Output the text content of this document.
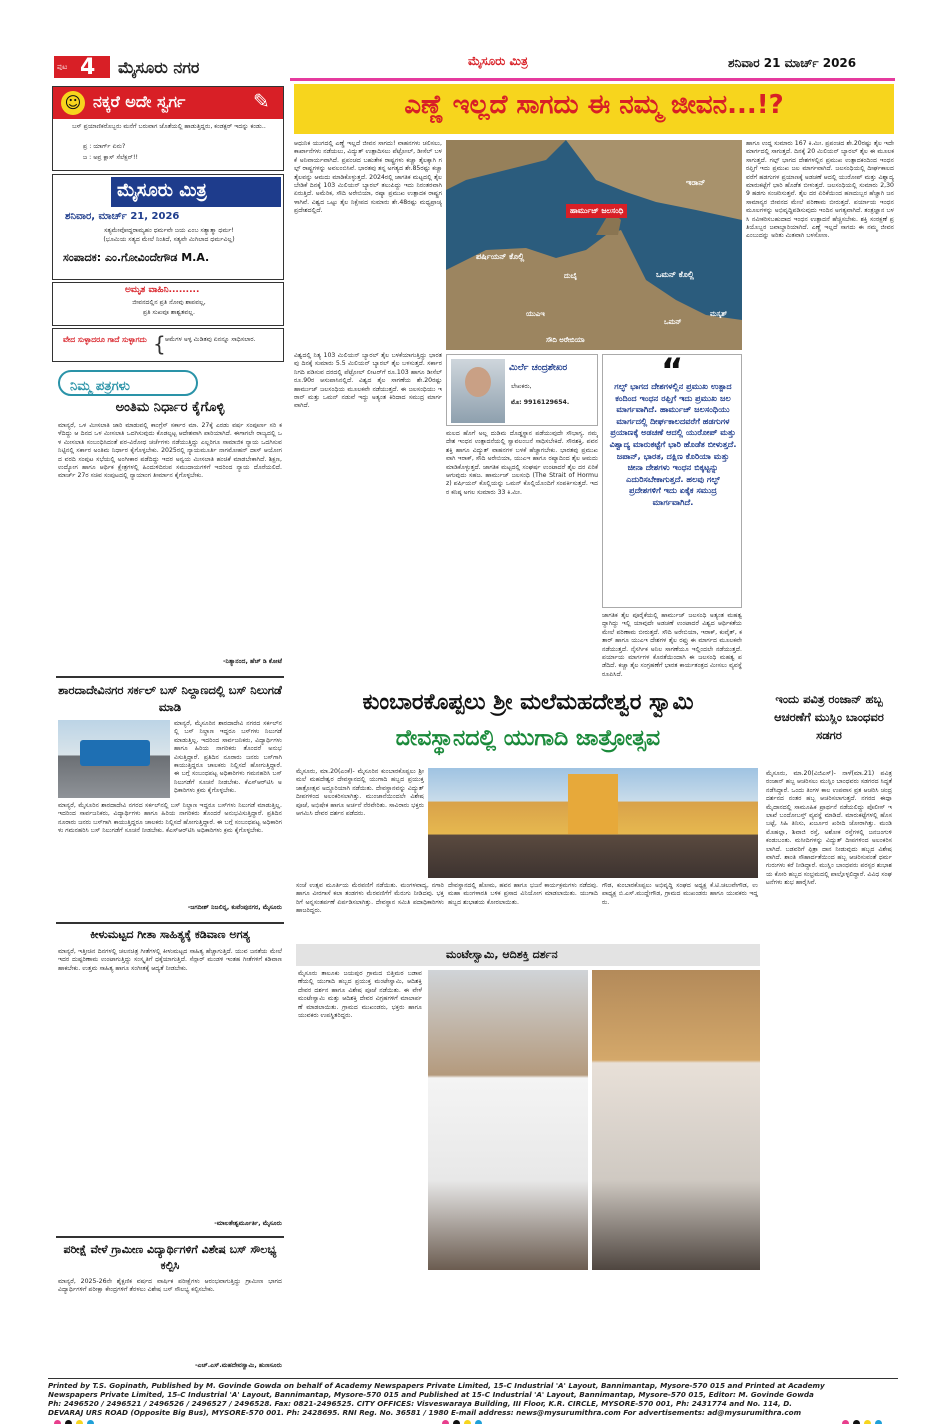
ಪುಟ 4 ಮೈಸೂರು ನಗರ	ಮೈಸೂರು ಮಿತ್ರ	ಶನಿವಾರ 21 ಮಾರ್ಚ್ 2026
☺ ನಕ್ಕರೆ ಅದೇ ಸ್ವರ್ಗ	✎
ಬಸ್ ಪ್ರಯಾಣಿಕರೊಬ್ಬರು ಮನೆಗೆ ಬರುವಾಗ ಜೊತೆಯಲ್ಲಿ ಹಾಡುತ್ತಿದ್ದರು, ಕಂಡಕ್ಟರ್ ಇದನ್ನು ಕಂಡು..
ಪ್ರ : ಯಾರ್ಗ್ ಏನು?
ಜ : ಅವ್ರ ಕ್ಲಾಸ್ ಸೆಲೆಕ್ಷನ್!!
ಮೈಸೂರು ಮಿತ್ರ
ಶನಿವಾರ, ಮಾರ್ಚ್ 21, 2026
ಸತ್ಯಮೇವೋದ್ಧರಾಮ್ಯಹಂ ಧರ್ಮವೇ ಜಯ ಎಂಬ ಸತ್ಯಾತ್ಮಾ ಧರ್ಮ!
(ಭೂಮಿಯ ಸತ್ಯದ ಮೇಲೆ ನಿಂತಿದೆ, ಸತ್ಯವೇ ಮಿಗಿಲಾದ ಧರ್ಮವಿಲ್ಲ)
ಸಂಪಾದಕ: ಎಂ.ಗೋವಿಂದೇಗೌಡ M.A.
ಅಮೃತ ವಾಹಿನಿ.........
ಜೀವನದಲ್ಲಿನ ಪ್ರತಿ ನೋವು ಶಾಪವಲ್ಲ,
ಪ್ರತಿ ಸುಖವೂ ಶಾಶ್ವತವಲ್ಲ.
ವೇದ ಸುಳ್ಳಾದರೂ ಗಾದೆ ಸುಳ್ಳಾಗದು { ಆಮೆಗಳ ಅಳ್ಳ ಮಿಡಿತವು ಏನನ್ನೂ ಸಾಧಿಸಲಾರ.
ನಿಮ್ಮ ಪತ್ರಗಳು
ಅಂತಿಮ ನಿರ್ಧಾರ ಕೈಗೊಳ್ಳಿ
ಮಾನ್ಯರೆ, ಒಳ ಮೀಸಲಾತಿ ಜಾರಿ ಮಾಡುವಲ್ಲಿ ಕಾಂಗ್ರೆಸ್ ಸರ್ಕಾರ ಮಾ. 27ಕ್ಕೆ ಎರಡು ವರ್ಷ ಸಂಪೂರ್ಣ ಸರಿ ಕಳೆದಿದ್ದು ಆ ದಿನದ ಒಳ ಮೀಸಲಾತಿ ಒದಗಿಸುವುದು ಕೊಡಲ್ಪಟ್ಟ ಆದೇಶವಾಗಿ ಪಾರಿಯಾಗಿದೆ. ಈಗಾಗಲೇ ರಾಜ್ಯದಲ್ಲಿ ಒಳ ಮೀಸಲಾತಿ ಸಂಬಂಧಿಸಿದಂತೆ ಪರ-ವಿರೋಧ ಚರ್ಚೆಗಳು ನಡೆಯುತ್ತಿದ್ದು ಎಲ್ಲರಿಗೂ ಸಾಮಾಜಿಕ ನ್ಯಾಯ ಒದಗಿಸುವ ನಿಟ್ಟಿನಲ್ಲಿ ಸರ್ಕಾರ ಅಂತಿಮ ನಿರ್ಧಾರ ಕೈಗೊಳ್ಳಬೇಕು. 2025ರಲ್ಲಿ ನ್ಯಾಯಮೂರ್ತಿ ನಾಗಮೋಹನ್ ದಾಸ್ ಆಯೋಗದ ವರದಿ ಸಂಪುಟ ಸಭೆಯಲ್ಲಿ ಅಂಗೀಕಾರ ಪಡೆದಿದ್ದು ಇದರ ಅನ್ವಯ ಮೀಸಲಾತಿ ಹಂಚಿಕೆ ಮಾಡಬೇಕಾಗಿದೆ. ಶಿಕ್ಷಣ, ಉದ್ಯೋಗ ಹಾಗೂ ಆರ್ಥಿಕ ಕ್ಷೇತ್ರಗಳಲ್ಲಿ ಹಿಂದುಳಿದಿರುವ ಸಮುದಾಯಗಳಿಗೆ ಇದರಿಂದ ನ್ಯಾಯ ದೊರೆಯಲಿದೆ. ಮಾರ್ಚ್ 27ರ ಸಚಿವ ಸಂಪುಟದಲ್ಲಿ ನ್ಯಾಯಾಂಗ ತೀರ್ಮಾನ ಕೈಗೊಳ್ಳಬೇಕು.
-ನಿತ್ಯಾನಂದ, ಹೆಚ್ ಡಿ ಕೋಟೆ
ಶಾರದಾದೇವಿನಗರ ಸರ್ಕಲ್ ಬಸ್ ನಿಲ್ದಾಣದಲ್ಲಿ ಬಸ್ ನಿಲುಗಡೆ ಮಾಡಿ
ಮಾನ್ಯರೆ, ಮೈಸೂರಿನ ಶಾರದಾದೇವಿ ನಗರದ ಸರ್ಕಲ್‌ನಲ್ಲಿ ಬಸ್ ನಿಲ್ದಾಣ ಇದ್ದರೂ ಬಸ್‌ಗಳು ನಿಲುಗಡೆ ಮಾಡುತ್ತಿಲ್ಲ. ಇದರಿಂದ ಸಾರ್ವಜನಿಕರು, ವಿದ್ಯಾರ್ಥಿಗಳು ಹಾಗೂ ಹಿರಿಯ ನಾಗರಿಕರು ತೊಂದರೆ ಅನುಭವಿಸುತ್ತಿದ್ದಾರೆ. ಪ್ರತಿದಿನ ನೂರಾರು ಜನರು ಬಸ್‌ಗಾಗಿ ಕಾಯುತ್ತಿದ್ದರೂ ಚಾಲಕರು ನಿಲ್ಲಿಸದೆ ಹೋಗುತ್ತಿದ್ದಾರೆ. ಈ ಬಗ್ಗೆ ಸಂಬಂಧಪಟ್ಟ ಅಧಿಕಾರಿಗಳು ಗಮನಹರಿಸಿ ಬಸ್ ನಿಲುಗಡೆಗೆ ಸೂಚನೆ ನೀಡಬೇಕು. ಕೆಎಸ್‌ಆರ್‌ಟಿಸಿ ಅಧಿಕಾರಿಗಳು ಕ್ರಮ ಕೈಗೊಳ್ಳಬೇಕು.
ಮಾನ್ಯರೆ, ಮೈಸೂರಿನ ಶಾರದಾದೇವಿ ನಗರದ ಸರ್ಕಲ್‌ನಲ್ಲಿ ಬಸ್ ನಿಲ್ದಾಣ ಇದ್ದರೂ ಬಸ್‌ಗಳು ನಿಲುಗಡೆ ಮಾಡುತ್ತಿಲ್ಲ. ಇದರಿಂದ ಸಾರ್ವಜನಿಕರು, ವಿದ್ಯಾರ್ಥಿಗಳು ಹಾಗೂ ಹಿರಿಯ ನಾಗರಿಕರು ತೊಂದರೆ ಅನುಭವಿಸುತ್ತಿದ್ದಾರೆ. ಪ್ರತಿದಿನ ನೂರಾರು ಜನರು ಬಸ್‌ಗಾಗಿ ಕಾಯುತ್ತಿದ್ದರೂ ಚಾಲಕರು ನಿಲ್ಲಿಸದೆ ಹೋಗುತ್ತಿದ್ದಾರೆ. ಈ ಬಗ್ಗೆ ಸಂಬಂಧಪಟ್ಟ ಅಧಿಕಾರಿಗಳು ಗಮನಹರಿಸಿ ಬಸ್ ನಿಲುಗಡೆಗೆ ಸೂಚನೆ ನೀಡಬೇಕು. ಕೆಎಸ್‌ಆರ್‌ಟಿಸಿ ಅಧಿಕಾರಿಗಳು ಕ್ರಮ ಕೈಗೊಳ್ಳಬೇಕು.
-ಜಗದೀಶ್ ನಿಜಲಿನ್ನ, ಕುವೆಂಪುನಗರ, ಮೈಸೂರು
ಕೀಳುಮಟ್ಟದ ಗೀತಾ ಸಾಹಿತ್ಯಕ್ಕೆ ಕಡಿವಾಣ ಅಗತ್ಯ
ಮಾನ್ಯರೆ, ಇತ್ತೀಚಿನ ದಿನಗಳಲ್ಲಿ ಚಲನಚಿತ್ರ ಗೀತೆಗಳಲ್ಲಿ ಕೀಳುಮಟ್ಟದ ಸಾಹಿತ್ಯ ಹೆಚ್ಚಾಗುತ್ತಿದೆ. ಯುವ ಜನತೆಯ ಮೇಲೆ ಇದರ ದುಷ್ಪರಿಣಾಮ ಉಂಟಾಗುತ್ತಿದ್ದು ಸಂಸ್ಕೃತಿಗೆ ಧಕ್ಕೆಯಾಗುತ್ತಿದೆ. ಸೆನ್ಸಾರ್ ಮಂಡಳಿ ಇಂತಹ ಗೀತೆಗಳಿಗೆ ಕಡಿವಾಣ ಹಾಕಬೇಕು. ಉತ್ತಮ ಸಾಹಿತ್ಯ ಹಾಗೂ ಸಂಗೀತಕ್ಕೆ ಆದ್ಯತೆ ನೀಡಬೇಕು.
-ಮಾಲತೇಶ್ವರ್ಮೂರ್ತಿ, ಮೈಸೂರು
ಪರೀಕ್ಷೆ ವೇಳೆ ಗ್ರಾಮೀಣ ವಿದ್ಯಾರ್ಥಿಗಳಿಗೆ ವಿಶೇಷ ಬಸ್ ಸೌಲಭ್ಯ ಕಲ್ಪಿಸಿ
ಮಾನ್ಯರೆ, 2025-26ನೇ ಶೈಕ್ಷಣಿಕ ವರ್ಷದ ವಾರ್ಷಿಕ ಪರೀಕ್ಷೆಗಳು ಆರಂಭವಾಗುತ್ತಿದ್ದು ಗ್ರಾಮೀಣ ಭಾಗದ ವಿದ್ಯಾರ್ಥಿಗಳಿಗೆ ಪರೀಕ್ಷಾ ಕೇಂದ್ರಗಳಿಗೆ ತೆರಳಲು ವಿಶೇಷ ಬಸ್ ಸೌಲಭ್ಯ ಕಲ್ಪಿಸಬೇಕು.
-ಎಚ್.ಎಸ್.ಮಹದೇವಸ್ವಾಮಿ, ಹುಣಸೂರು
ಎಣ್ಣೆ ಇಲ್ಲದೆ ಸಾಗದು ಈ ನಮ್ಮ ಜೀವನ...!?
ಆಧುನಿಕ ಯುಗದಲ್ಲಿ ಎಣ್ಣೆ ಇಲ್ಲದೆ ಜೀವನ ಸಾಗದು! ವಾಹನಗಳು ಚಲಿಸಲು, ಕಾರ್ಖಾನೆಗಳು ನಡೆಯಲು, ವಿದ್ಯುತ್ ಉತ್ಪಾದಿಸಲು ಪೆಟ್ರೋಲ್, ಡೀಸೆಲ್ ಬಳಕೆ ಅನಿವಾರ್ಯವಾಗಿದೆ. ಪ್ರಪಂಚದ ಬಹುತೇಕ ರಾಷ್ಟ್ರಗಳು ಕಚ್ಚಾ ತೈಲಕ್ಕಾಗಿ ಗಲ್ಫ್ ರಾಷ್ಟ್ರಗಳನ್ನು ಅವಲಂಬಿಸಿವೆ. ಭಾರತವು ತನ್ನ ಅಗತ್ಯದ ಶೇ.85ರಷ್ಟು ಕಚ್ಚಾ ತೈಲವನ್ನು ಆಮದು ಮಾಡಿಕೊಳ್ಳುತ್ತದೆ. 2024ರಲ್ಲಿ ಜಾಗತಿಕ ಮಟ್ಟದಲ್ಲಿ ತೈಲ ಬೇಡಿಕೆ ದಿನಕ್ಕೆ 103 ಮಿಲಿಯನ್ ಬ್ಯಾರಲ್ ತಲುಪಿದ್ದು ಇದು ನಿರಂತರವಾಗಿ ಏರುತ್ತಿದೆ. ಅಮೆರಿಕ, ಸೌದಿ ಅರೇಬಿಯಾ, ರಷ್ಯಾ ಪ್ರಮುಖ ಉತ್ಪಾದಕ ರಾಷ್ಟ್ರಗಳಾಗಿವೆ. ವಿಶ್ವದ ಒಟ್ಟು ತೈಲ ನಿಕ್ಷೇಪದ ಸುಮಾರು ಶೇ.48ರಷ್ಟು ಮಧ್ಯಪ್ರಾಚ್ಯ ಪ್ರದೇಶದಲ್ಲಿದೆ.
ವಿಶ್ವದಲ್ಲಿ ನಿತ್ಯ 103 ಮಿಲಿಯನ್ ಬ್ಯಾರಲ್ ತೈಲ ಬಳಕೆಯಾಗುತ್ತಿದ್ದು ಭಾರತವು ದಿನಕ್ಕೆ ಸುಮಾರು 5.5 ಮಿಲಿಯನ್ ಬ್ಯಾರಲ್ ತೈಲ ಬಳಸುತ್ತದೆ. ಸರ್ಕಾರ ನಿಗದಿ ಪಡಿಸುವ ದರದಲ್ಲಿ ಪೆಟ್ರೋಲ್ ಲೀಟರ್‌ಗೆ ರೂ.103 ಹಾಗೂ ಡೀಸೆಲ್ ರೂ.90ರ ಆಸುಪಾಸಿನಲ್ಲಿದೆ. ವಿಶ್ವದ ತೈಲ ಸಾಗಣೆಯ ಶೇ.20ರಷ್ಟು ಹಾರ್ಮುಜ್ ಜಲಸಂಧಿಯ ಮೂಲಕವೇ ನಡೆಯುತ್ತದೆ. ಈ ಜಲಸಂಧಿಯು ಇರಾನ್ ಮತ್ತು ಒಮನ್ ನಡುವೆ ಇದ್ದು ಅತ್ಯಂತ ಕಿರಿದಾದ ಸಮುದ್ರ ಮಾರ್ಗವಾಗಿದೆ.
ಹಾರ್ಮುಜ್ ಜಲಸಂಧಿ
ಇರಾನ್
ಪರ್ಷಿಯನ್ ಕೊಲ್ಲಿ
ಒಮನ್ ಕೊಲ್ಲಿ
ದುಬೈ
ಯುಎಇ
ಒಮನ್
ಮಸ್ಕತ್
ಸೌದಿ ಅರೇಬಿಯಾ
ಮಿರ್ಲೆ ಚಂದ್ರಶೇಖರ
ಲೇಖಕರು,
ಮೊ: 9916129654.
ಮಲದ ಹೊಗೆ ಅಲ್ಲ ದುಡಿಮ ದೊಡ್ಡಸ್ಥಾನ ಪಡೆಯುವುದೇ ಸೌಭಾಗ್ಯ. ನಮ್ಮ ದೇಶ ಇಂಧನ ಉತ್ಪಾದನೆಯಲ್ಲಿ ಸ್ವಾವಲಂಬನೆ ಸಾಧಿಸಬೇಕಿದೆ. ಸೌರಶಕ್ತಿ, ಪವನ ಶಕ್ತಿ ಹಾಗೂ ವಿದ್ಯುತ್ ವಾಹನಗಳ ಬಳಕೆ ಹೆಚ್ಚಾಗಬೇಕು. ಭಾರತವು ಪ್ರಮುಖವಾಗಿ ಇರಾಕ್, ಸೌದಿ ಅರೇಬಿಯಾ, ಯುಎಇ ಹಾಗೂ ರಷ್ಯಾದಿಂದ ತೈಲ ಆಮದು ಮಾಡಿಕೊಳ್ಳುತ್ತದೆ. ಜಾಗತಿಕ ಮಟ್ಟದಲ್ಲಿ ಸಂಘರ್ಷ ಉಂಟಾದರೆ ತೈಲ ದರ ಏರಿಕೆ ಆಗುವುದು ಸಹಜ. ಹಾರ್ಮುಜ್ ಜಲಸಂಧಿ (The Strait of Hormuz) ಪರ್ಷಿಯನ್ ಕೊಲ್ಲಿಯನ್ನು ಒಮನ್ ಕೊಲ್ಲಿಯೊಂದಿಗೆ ಸಂಪರ್ಕಿಸುತ್ತದೆ. ಇದರ ಕನಿಷ್ಠ ಅಗಲ ಸುಮಾರು 33 ಕಿ.ಮೀ.
“
ಗಲ್ಫ್ ಭಾಗದ ದೇಶಗಳಲ್ಲಿನ ಪ್ರಮುಖ ಉತ್ಪಾದ ಕಂದಿಂದ ಇಂಧನ ರಫ್ತಿಗೆ ಇದು ಪ್ರಮುಖ ಜಲ ಮಾರ್ಗವಾಗಿದೆ. ಹಾರ್ಮುಜ್ ಜಲಸಂಧಿಯು ಮಾರ್ಗದಲ್ಲಿ ದೀರ್ಘಕಾಲದವರೆಗೆ ಹಡಗುಗಳ ಪ್ರಯಾಣಕ್ಕೆ ಅಡಚಣೆ ಆದಲ್ಲಿ ಯುರೋಪ್ ಮತ್ತು ವಿಶ್ವಾದ್ಯ ಮಾರುಕಟ್ಟೆಗೆ ಭಾರಿ ಹೊಡೆತ ಬೀಳುತ್ತದೆ. ಜಪಾನ್, ಭಾರತ, ದಕ್ಷಿಣ ಕೊರಿಯಾ ಮತ್ತು ಚೀನಾ ದೇಶಗಳು ಇಂಧನ ಬಿಕ್ಕಟ್ಟನ್ನು ಎದುರಿಸಬೇಕಾಗುತ್ತದೆ. ಹಲವು ಗಲ್ಫ್ ಪ್ರದೇಶಗಳಿಗೆ ಇದು ಏಕೈಕ ಸಮುದ್ರ ಮಾರ್ಗವಾಗಿದೆ.
ಜಾಗತಿಕ ತೈಲ ಪೂರೈಕೆಯಲ್ಲಿ ಹಾರ್ಮುಜ್ ಜಲಸಂಧಿ ಅತ್ಯಂತ ಮಹತ್ವದ್ದಾಗಿದ್ದು ಇಲ್ಲಿ ಯಾವುದೇ ಅಡಚಣೆ ಉಂಟಾದರೆ ವಿಶ್ವದ ಆರ್ಥಿಕತೆಯ ಮೇಲೆ ಪರಿಣಾಮ ಬೀರುತ್ತದೆ. ಸೌದಿ ಅರೇಬಿಯಾ, ಇರಾಕ್, ಕುವೈತ್, ಕತಾರ್ ಹಾಗೂ ಯುಎಇ ದೇಶಗಳ ತೈಲ ರಫ್ತು ಈ ಮಾರ್ಗದ ಮೂಲಕವೇ ನಡೆಯುತ್ತದೆ. ನೈಸರ್ಗಿಕ ಅನಿಲ ಸಾಗಣೆಯೂ ಇಲ್ಲಿಂದಲೇ ನಡೆಯುತ್ತದೆ. ಪರ್ಯಾಯ ಮಾರ್ಗಗಳ ಕೊರತೆಯಿಂದಾಗಿ ಈ ಜಲಸಂಧಿ ಮಹತ್ವ ಪಡೆದಿದೆ. ಕಚ್ಚಾ ತೈಲ ಸಂಗ್ರಹಣೆಗೆ ಭಾರತ ಕಾರ್ಯತಂತ್ರದ ಮೀಸಲು ವ್ಯವಸ್ಥೆ ರೂಪಿಸಿದೆ.
ಹಾಗೂ ಉದ್ದ ಸುಮಾರು 167 ಕಿ.ಮೀ. ಪ್ರಪಂಚದ ಶೇ.20ರಷ್ಟು ತೈಲ ಇದೇ ಮಾರ್ಗದಲ್ಲಿ ಸಾಗುತ್ತದೆ. ದಿನಕ್ಕೆ 20 ಮಿಲಿಯನ್ ಬ್ಯಾರಲ್ ತೈಲ ಈ ಮೂಲಕ ಸಾಗುತ್ತದೆ. ಗಲ್ಫ್ ಭಾಗದ ದೇಶಗಳಲ್ಲಿನ ಪ್ರಮುಖ ಉತ್ಪಾದಕಂದಿಂದ ಇಂಧನ ರಫ್ತಿಗೆ ಇದು ಪ್ರಮುಖ ಜಲ ಮಾರ್ಗವಾಗಿದೆ. ಜಲಸಂಧಿಯಲ್ಲಿ ದೀರ್ಘಕಾಲದವರೆಗೆ ಹಡಗುಗಳ ಪ್ರಯಾಣಕ್ಕೆ ಅಡಚಣೆ ಆದಲ್ಲಿ ಯುರೋಪ್ ಮತ್ತು ವಿಶ್ವಾದ್ಯ ಮಾರುಕಟ್ಟೆಗೆ ಭಾರಿ ಹೊಡೆತ ಬೀಳುತ್ತದೆ. ಜಲಸಂಧಿಯಲ್ಲಿ ಸುಮಾರು 2,309 ಹಡಗು ಸಂಚರಿಸುತ್ತವೆ. ತೈಲ ದರ ಏರಿಕೆಯಿಂದ ಹಣದುಬ್ಬರ ಹೆಚ್ಚಾಗಿ ಜನಸಾಮಾನ್ಯರ ಜೀವನದ ಮೇಲೆ ಪರಿಣಾಮ ಬೀರುತ್ತದೆ. ಪರ್ಯಾಯ ಇಂಧನ ಮೂಲಗಳನ್ನು ಅಭಿವೃದ್ಧಿಪಡಿಸುವುದು ಇಂದಿನ ಅಗತ್ಯವಾಗಿದೆ. ತಂತ್ರಜ್ಞಾನ ಬಳಸಿ ನವೀಕರಿಸಬಹುದಾದ ಇಂಧನ ಉತ್ಪಾದನೆ ಹೆಚ್ಚಿಸಬೇಕು. ಶಕ್ತಿ ಸಂರಕ್ಷಣೆ ಪ್ರತಿಯೊಬ್ಬರ ಜವಾಬ್ದಾರಿಯಾಗಿದೆ. ಎಣ್ಣೆ ಇಲ್ಲದೆ ಸಾಗದು ಈ ನಮ್ಮ ಜೀವನ ಎಂಬುದನ್ನು ಅರಿತು ಮಿತವಾಗಿ ಬಳಸೋಣ.
ಕುಂಬಾರಕೊಪ್ಪಲು ಶ್ರೀ ಮಲೆಮಹದೇಶ್ವರ ಸ್ವಾಮಿ
ದೇವಸ್ಥಾನದಲ್ಲಿ ಯುಗಾದಿ ಜಾತ್ರೋತ್ಸವ
ಮೈಸೂರು, ಮಾ.20(ಎಂಕೆ)- ಮೈಸೂರಿನ ಕುಂಬಾರಕೊಪ್ಪಲು ಶ್ರೀ ಮಲೆ ಮಹದೇಶ್ವರ ದೇವಸ್ಥಾನದಲ್ಲಿ ಯುಗಾದಿ ಹಬ್ಬದ ಪ್ರಯುಕ್ತ ಜಾತ್ರೋತ್ಸವ ಅದ್ದೂರಿಯಾಗಿ ನಡೆಯಿತು. ದೇವಸ್ಥಾನವನ್ನು ವಿದ್ಯುತ್ ದೀಪಗಳಿಂದ ಅಲಂಕರಿಸಲಾಗಿತ್ತು. ಮುಂಜಾನೆಯಿಂದಲೇ ವಿಶೇಷ ಪೂಜೆ, ಅಭಿಷೇಕ ಹಾಗೂ ಅರ್ಚನೆ ನೆರವೇರಿತು. ಸಾವಿರಾರು ಭಕ್ತರು ಆಗಮಿಸಿ ದೇವರ ದರ್ಶನ ಪಡೆದರು.
ಸಂಜೆ ಉತ್ಸವ ಮೂರ್ತಿಯ ಮೆರವಣಿಗೆ ನಡೆಯಿತು. ಮಂಗಳವಾದ್ಯ, ನಗಾರಿ ಹಾಗೂ ವೀರಗಾಸೆ ಕಲಾ ತಂಡಗಳು ಮೆರವಣಿಗೆಗೆ ಮೆರುಗು ನೀಡಿದವು. ಭಕ್ತರಿಗೆ ಅನ್ನಸಂತರ್ಪಣೆ ಏರ್ಪಡಿಸಲಾಗಿತ್ತು. ದೇವಸ್ಥಾನ ಸಮಿತಿ ಪದಾಧಿಕಾರಿಗಳು ಹಾಜರಿದ್ದರು.
ದೇವಸ್ಥಾನದಲ್ಲಿ ಹೋಮ, ಹವನ ಹಾಗೂ ಭಜನೆ ಕಾರ್ಯಕ್ರಮಗಳು ನಡೆದವು. ಮಹಾ ಮಂಗಳಾರತಿ ಬಳಿಕ ಪ್ರಸಾದ ವಿನಿಯೋಗ ಮಾಡಲಾಯಿತು. ಯುಗಾದಿ ಹಬ್ಬದ ಶುಭಾಶಯ ಕೋರಲಾಯಿತು.
ಗೌಡ, ಕುಂಬಾರಕೊಪ್ಪಲು ಅಭಿವೃದ್ಧಿ ಸಂಘದ ಅಧ್ಯಕ್ಷ ಕೆ.ಟಿ.ಚಲುವೇಗೌಡ, ಉಪಾಧ್ಯಕ್ಷ ಬಿ.ಎಸ್.ಮುದ್ದೇಗೌಡ, ಗ್ರಾಮದ ಮುಖಂಡರು ಹಾಗೂ ಯುವಕರು ಇದ್ದರು.
ಮಂಟೇಸ್ವಾಮಿ, ಆದಿಶಕ್ತಿ ದರ್ಶನ
ಮೈಸೂರು ತಾಲೂಕು ಜಯಪುರ ಗ್ರಾಮದ ಬಿತ್ತಿಮಠ ಬಡಾವಣೆಯಲ್ಲಿ ಯುಗಾದಿ ಹಬ್ಬದ ಪ್ರಯುಕ್ತ ಮಂಟೇಸ್ವಾಮಿ, ಆದಿಶಕ್ತಿ ದೇವರ ದರ್ಶನ ಹಾಗೂ ವಿಶೇಷ ಪೂಜೆ ನಡೆಯಿತು. ಈ ವೇಳೆ ಮಂಟೇಸ್ವಾಮಿ ಮತ್ತು ಆದಿಶಕ್ತಿ ದೇವರ ವಿಗ್ರಹಗಳಿಗೆ ಮಾಲಾರ್ಪಣೆ ಮಾಡಲಾಯಿತು. ಗ್ರಾಮದ ಮುಖಂಡರು, ಭಕ್ತರು ಹಾಗೂ ಯುವಕರು ಉಪಸ್ಥಿತರಿದ್ದರು.
ಇಂದು ಪವಿತ್ರ ರಂಜಾನ್ ಹಬ್ಬ ಆಚರಣೆಗೆ ಮುಸ್ಲಿಂ ಬಾಂಧವರ ಸಡಗರ
ಮೈಸೂರು, ಮಾ.20(ವಿಜಿಎಸ್)- ನಾಳೆ(ಮಾ.21) ಪವಿತ್ರ ರಂಜಾನ್ ಹಬ್ಬ ಆಚರಿಸಲು ಮುಸ್ಲಿಂ ಬಾಂಧವರು ಸಡಗರದ ಸಿದ್ಧತೆ ನಡೆಸಿದ್ದಾರೆ. ಒಂದು ತಿಂಗಳ ಕಾಲ ಉಪವಾಸ ವ್ರತ ಆಚರಿಸಿ ಚಂದ್ರ ದರ್ಶನದ ನಂತರ ಹಬ್ಬ ಆಚರಿಸಲಾಗುತ್ತದೆ. ನಗರದ ಈದ್ಗಾ ಮೈದಾನದಲ್ಲಿ ಸಾಮೂಹಿಕ ಪ್ರಾರ್ಥನೆ ನಡೆಯಲಿದ್ದು ಪೊಲೀಸ್ ಇಲಾಖೆ ಬಂದೋಬಸ್ತ್ ವ್ಯವಸ್ಥೆ ಮಾಡಿದೆ. ಮಾರುಕಟ್ಟೆಗಳಲ್ಲಿ ಹೊಸ ಬಟ್ಟೆ, ಸಿಹಿ ತಿನಿಸು, ಖರ್ಜೂರ ಖರೀದಿ ಜೋರಾಗಿತ್ತು. ಮಂಡಿ ಮೊಹಲ್ಲಾ, ಶಿವಾಜಿ ರಸ್ತೆ, ಅಶೋಕ ರಸ್ತೆಗಳಲ್ಲಿ ಜನಜಂಗುಳಿ ಕಂಡುಬಂತು. ಮಸೀದಿಗಳನ್ನು ವಿದ್ಯುತ್ ದೀಪಗಳಿಂದ ಅಲಂಕರಿಸಲಾಗಿದೆ. ಬಡವರಿಗೆ ಫಿತ್ರಾ ದಾನ ನೀಡುವುದು ಹಬ್ಬದ ವಿಶೇಷವಾಗಿದೆ. ಶಾಂತಿ ಸೌಹಾರ್ದತೆಯಿಂದ ಹಬ್ಬ ಆಚರಿಸುವಂತೆ ಧರ್ಮಗುರುಗಳು ಕರೆ ನೀಡಿದ್ದಾರೆ. ಮುಸ್ಲಿಂ ಬಾಂಧವರು ಪರಸ್ಪರ ಶುಭಾಶಯ ಕೋರಿ ಹಬ್ಬದ ಸಂಭ್ರಮದಲ್ಲಿ ಪಾಲ್ಗೊಳ್ಳಲಿದ್ದಾರೆ. ವಿವಿಧ ಸಂಘಟನೆಗಳು ಶುಭ ಹಾರೈಸಿವೆ.
Printed by T.S. Gopinath, Published by M. Govinde Gowda on behalf of Academy Newspapers Private Limited, 15-C Industrial 'A' Layout, Bannimantap, Mysore-570 015 and Printed at Academy
Newspapers Private Limited, 15-C Industrial 'A' Layout, Bannimantap, Mysore-570 015 and Published at 15-C Industrial 'A' Layout, Bannimantap, Mysore-570 015, Editor: M. Govinde Gowda
Ph: 2496520 / 2496521 / 2496526 / 2496527 / 2496528. Fax: 0821-2496525. CITY OFFICES: Visveswaraya Building, III Floor, K.R. CIRCLE, MYSORE-570 001, Ph: 2431774 and No. 114, D.
DEVARAJ URS ROAD (Opposite Big Bus), MYSORE-570 001. Ph: 2428695. RNI Reg. No. 36581 / 1980 E-mail address: news@mysurumithra.com For advertisements: ad@mysurumithra.com
